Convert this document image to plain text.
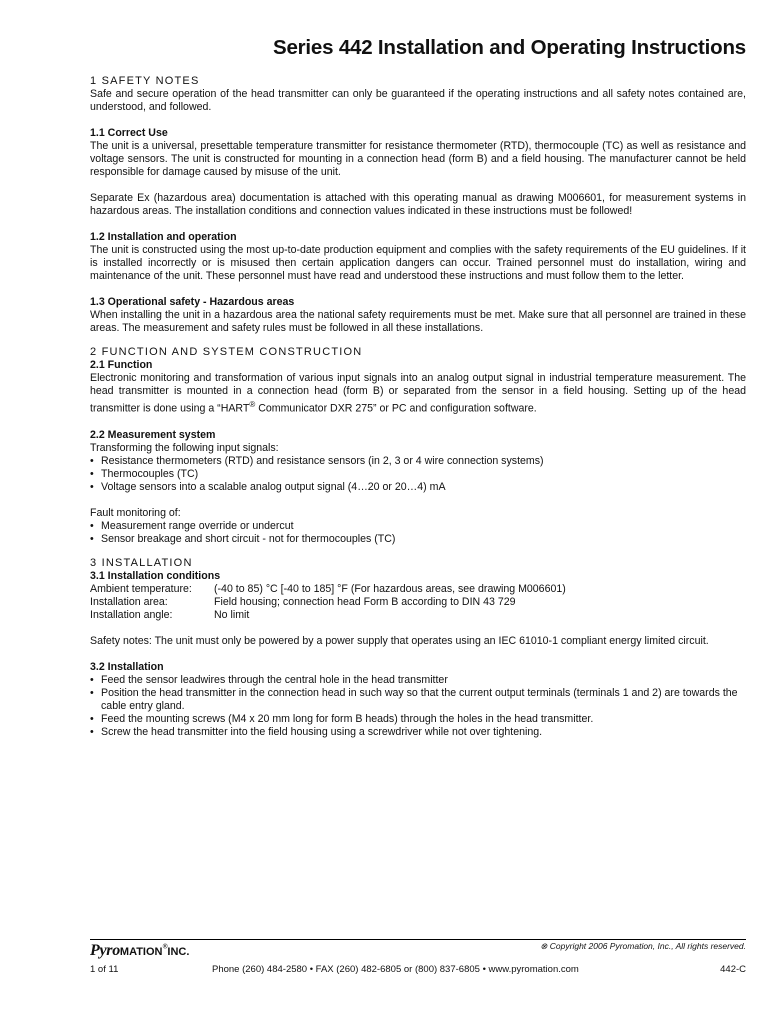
Series 442 Installation and Operating Instructions
1 SAFETY NOTES

Safe and secure operation of the head transmitter can only be guaranteed if the operating instructions and all safety notes contained are, understood, and followed.

1.1 Correct Use

The unit is a universal, presettable temperature transmitter for resistance thermometer (RTD), thermocouple (TC) as well as resistance and voltage sensors. The unit is constructed for mounting in a connection head (form B) and a field housing. The manufacturer cannot be held responsible for damage caused by misuse of the unit.

Separate Ex (hazardous area) documentation is attached with this operating manual as drawing M006601, for measurement systems in hazardous areas. The installation conditions and connection values indicated in these instructions must be followed!

1.2 Installation and operation

The unit is constructed using the most up-to-date production equipment and complies with the safety requirements of the EU guidelines. If it is installed incorrectly or is misused then certain application dangers can occur. Trained personnel must do installation, wiring and maintenance of the unit. These personnel must have read and understood these instructions and must follow them to the letter.

1.3 Operational safety - Hazardous areas

When installing the unit in a hazardous area the national safety requirements must be met. Make sure that all personnel are trained in these areas. The measurement and safety rules must be followed in all these installations.

2 FUNCTION AND SYSTEM CONSTRUCTION
2.1 Function

Electronic monitoring and transformation of various input signals into an analog output signal in industrial temperature measurement. The head transmitter is mounted in a connection head (form B) or separated from the sensor in a field housing. Setting up of the head transmitter is done using a “HART® Communicator DXR 275” or PC and configuration software.

2.2 Measurement system
Transforming the following input signals:
• Resistance thermometers (RTD) and resistance sensors (in 2, 3 or 4 wire connection systems)
• Thermocouples (TC)
• Voltage sensors into a scalable analog output signal (4…20 or 20…4) mA
Fault monitoring of:
• Measurement range override or undercut
• Sensor breakage and short circuit - not for thermocouples (TC)
3 INSTALLATION
3.1 Installation conditions
Ambient temperature:	(-40 to 85) °C [-40 to 185] °F (For hazardous areas, see drawing M006601)
Installation area:	Field housing; connection head Form B according to DIN 43 729
Installation angle:	No limit

Safety notes: The unit must only be powered by a power supply that operates using an IEC 61010-1 compliant energy limited circuit.

3.2 Installation
• Feed the sensor leadwires through the central hole in the head transmitter
• Position the head transmitter in the connection head in such way so that the current output terminals (terminals 1 and 2) are towards the cable entry gland.
• Feed the mounting screws (M4 x 20 mm long for form B heads) through the holes in the head transmitter.
• Screw the head transmitter into the field housing using a screwdriver while not over tightening.
PyroMATION®INC.	⊗ Copyright 2006 Pyromation, Inc., All rights reserved.
1 of 11	442-C
Phone (260) 484-2580 • FAX (260) 482-6805 or (800) 837-6805 • www.pyromation.com
